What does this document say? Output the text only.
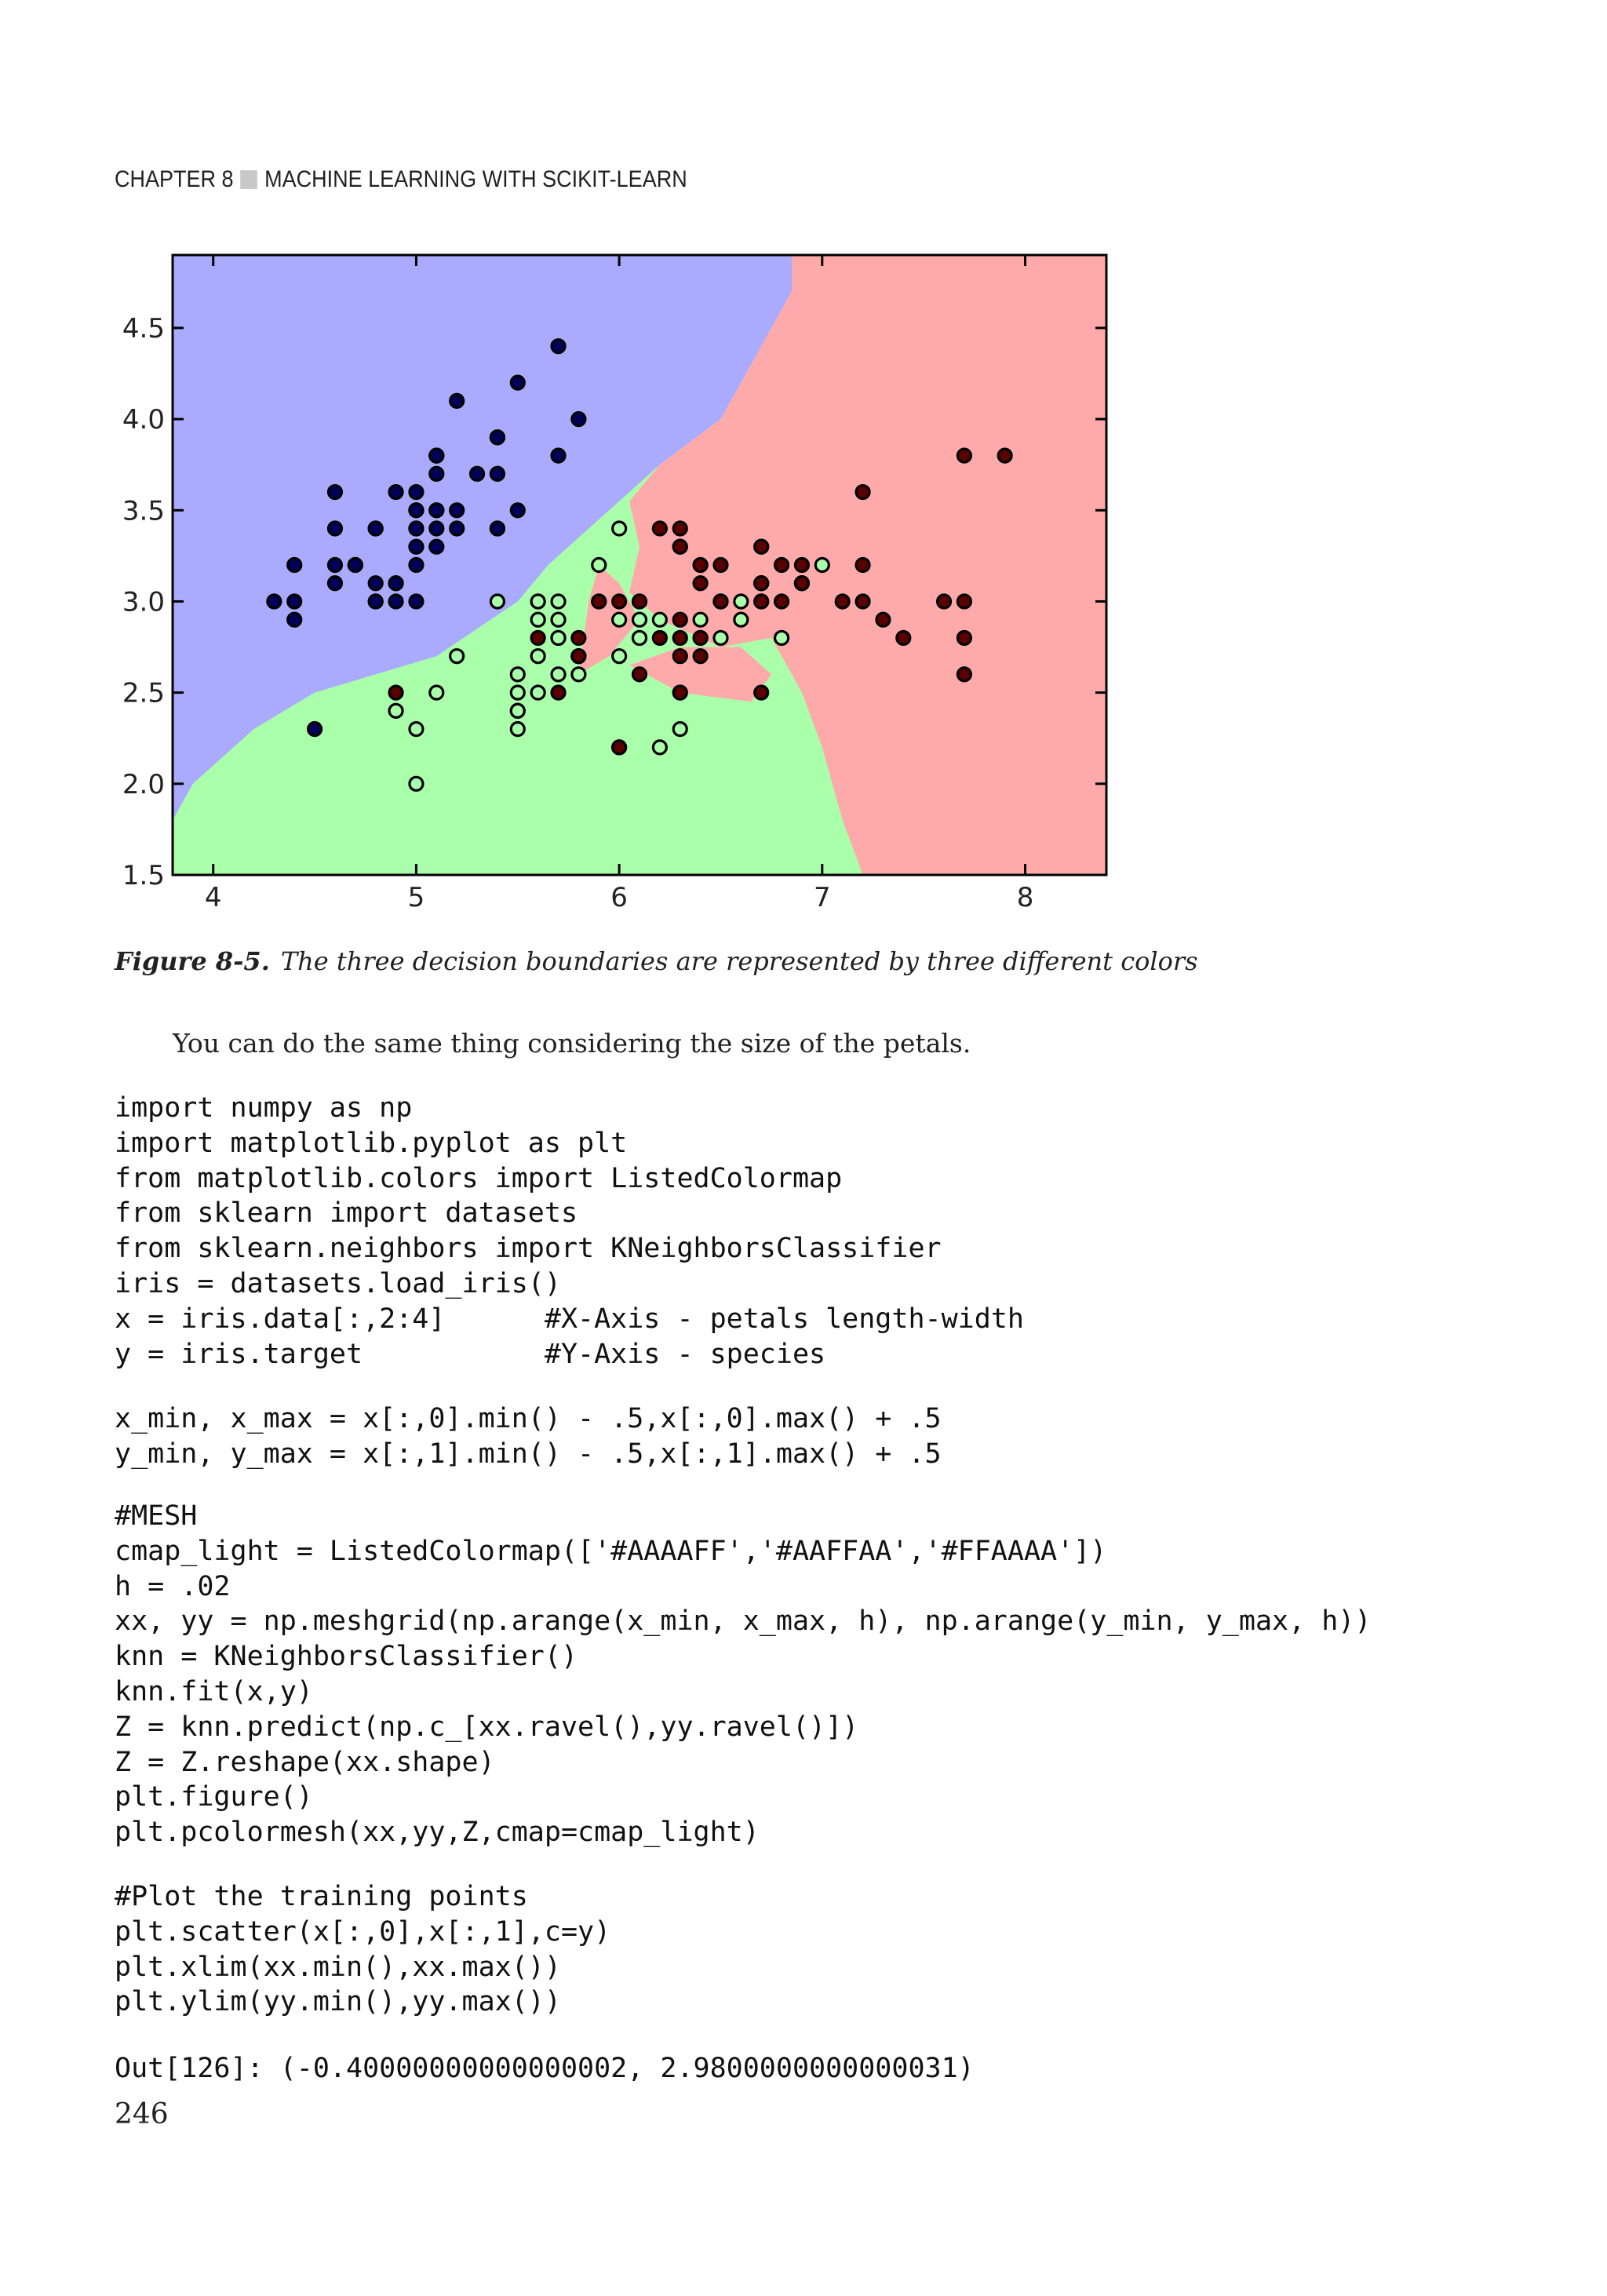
CHAPTER 8 MACHINE LEARNING WITH SCIKIT-LEARN
4	5	6	7	8
1.5
2.0
2.5
3.0
3.5
4.0
4.5
Figure 8-5. The three decision boundaries are represented by three different colors
You can do the same thing considering the size of the petals.
import numpy as np
import matplotlib.pyplot as plt
from matplotlib.colors import ListedColormap
from sklearn import datasets
from sklearn.neighbors import KNeighborsClassifier
iris = datasets.load_iris()
x = iris.data[:,2:4]      #X-Axis - petals length-width
y = iris.target           #Y-Axis - species
x_min, x_max = x[:,0].min() - .5,x[:,0].max() + .5
y_min, y_max = x[:,1].min() - .5,x[:,1].max() + .5
#MESH
cmap_light = ListedColormap(['#AAAAFF','#AAFFAA','#FFAAAA'])
h = .02
xx, yy = np.meshgrid(np.arange(x_min, x_max, h), np.arange(y_min, y_max, h))
knn = KNeighborsClassifier()
knn.fit(x,y)
Z = knn.predict(np.c_[xx.ravel(),yy.ravel()])
Z = Z.reshape(xx.shape)
plt.figure()
plt.pcolormesh(xx,yy,Z,cmap=cmap_light)
#Plot the training points
plt.scatter(x[:,0],x[:,1],c=y)
plt.xlim(xx.min(),xx.max())
plt.ylim(yy.min(),yy.max())
Out[126]: (-0.40000000000000002, 2.9800000000000031)
246
